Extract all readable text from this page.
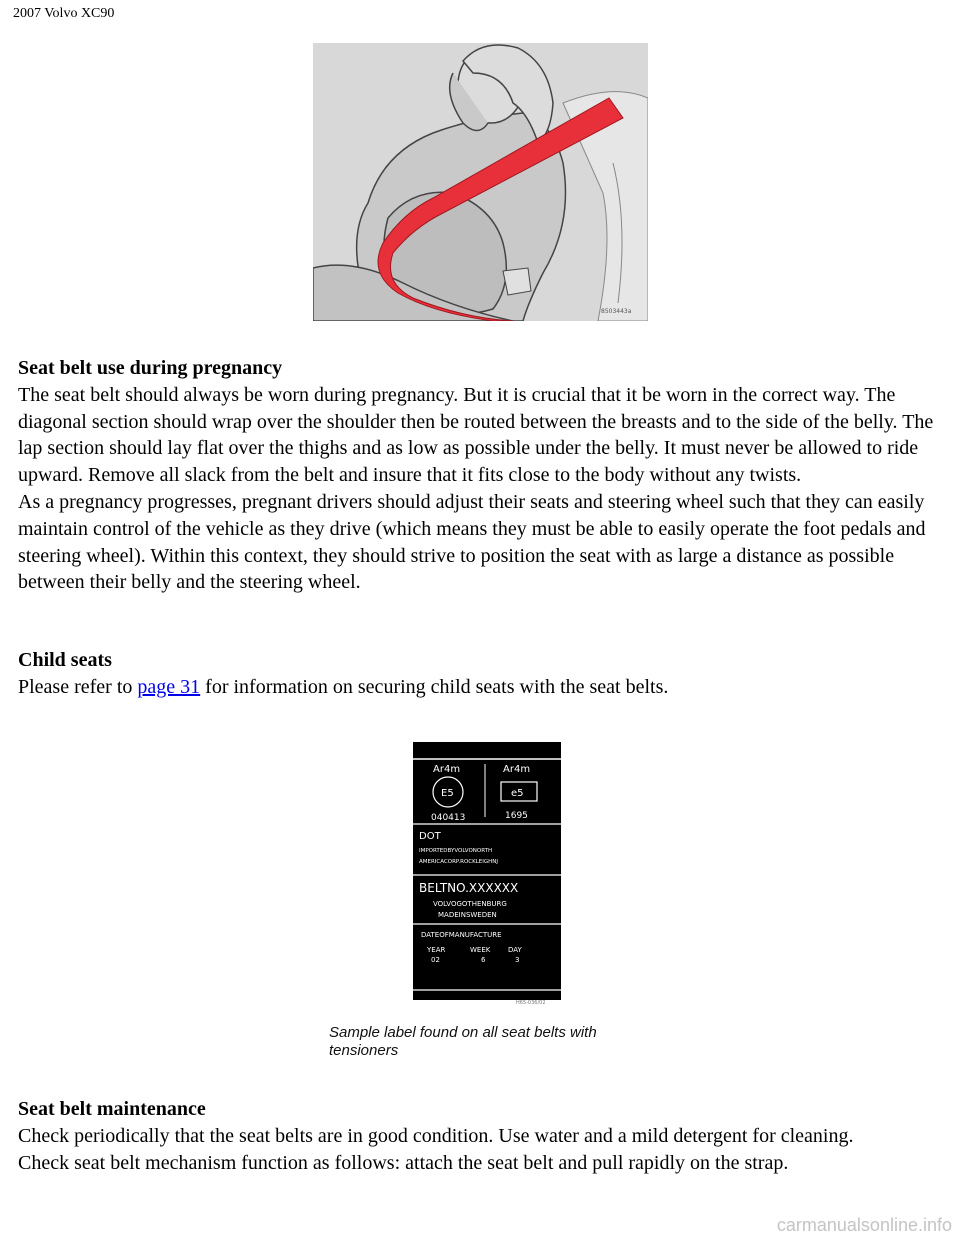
2007 Volvo XC90
8503443a
Seat belt use during pregnancy

The seat belt should always be worn during pregnancy. But it is crucial that it be worn in the correct way. The diagonal section should wrap over the shoulder then be routed between the breasts and to the side of the belly. The lap section should lay flat over the thighs and as low as possible under the belly. It must never be allowed to ride upward. Remove all slack from the belt and insure that it fits close to the body without any twists.

As a pregnancy progresses, pregnant drivers should adjust their seats and steering wheel such that they can easily maintain control of the vehicle as they drive (which means they must be able to easily operate the foot pedals and steering wheel). Within this context, they should strive to position the seat with as large a distance as possible between their belly and the steering wheel.

Child seats

Please refer to page 31 for information on securing child seats with the seat belts.

Ar4m	Ar4m
E5	e5
040413	1695
DOT
IMPORTEDBYVOLVONORTH
AMERICACORP.ROCKLEIGHNJ
BELTNO.XXXXXX
VOLVOGOTHENBURG
MADEINSWEDEN
DATEOFMANUFACTURE
YEAR	WEEK	DAY
02	6	3
H65-036/02
Sample label found on all seat belts with tensioners
Seat belt maintenance

Check periodically that the seat belts are in good condition. Use water and a mild detergent for cleaning.

Check seat belt mechanism function as follows: attach the seat belt and pull rapidly on the strap.

carmanualsonline.info
